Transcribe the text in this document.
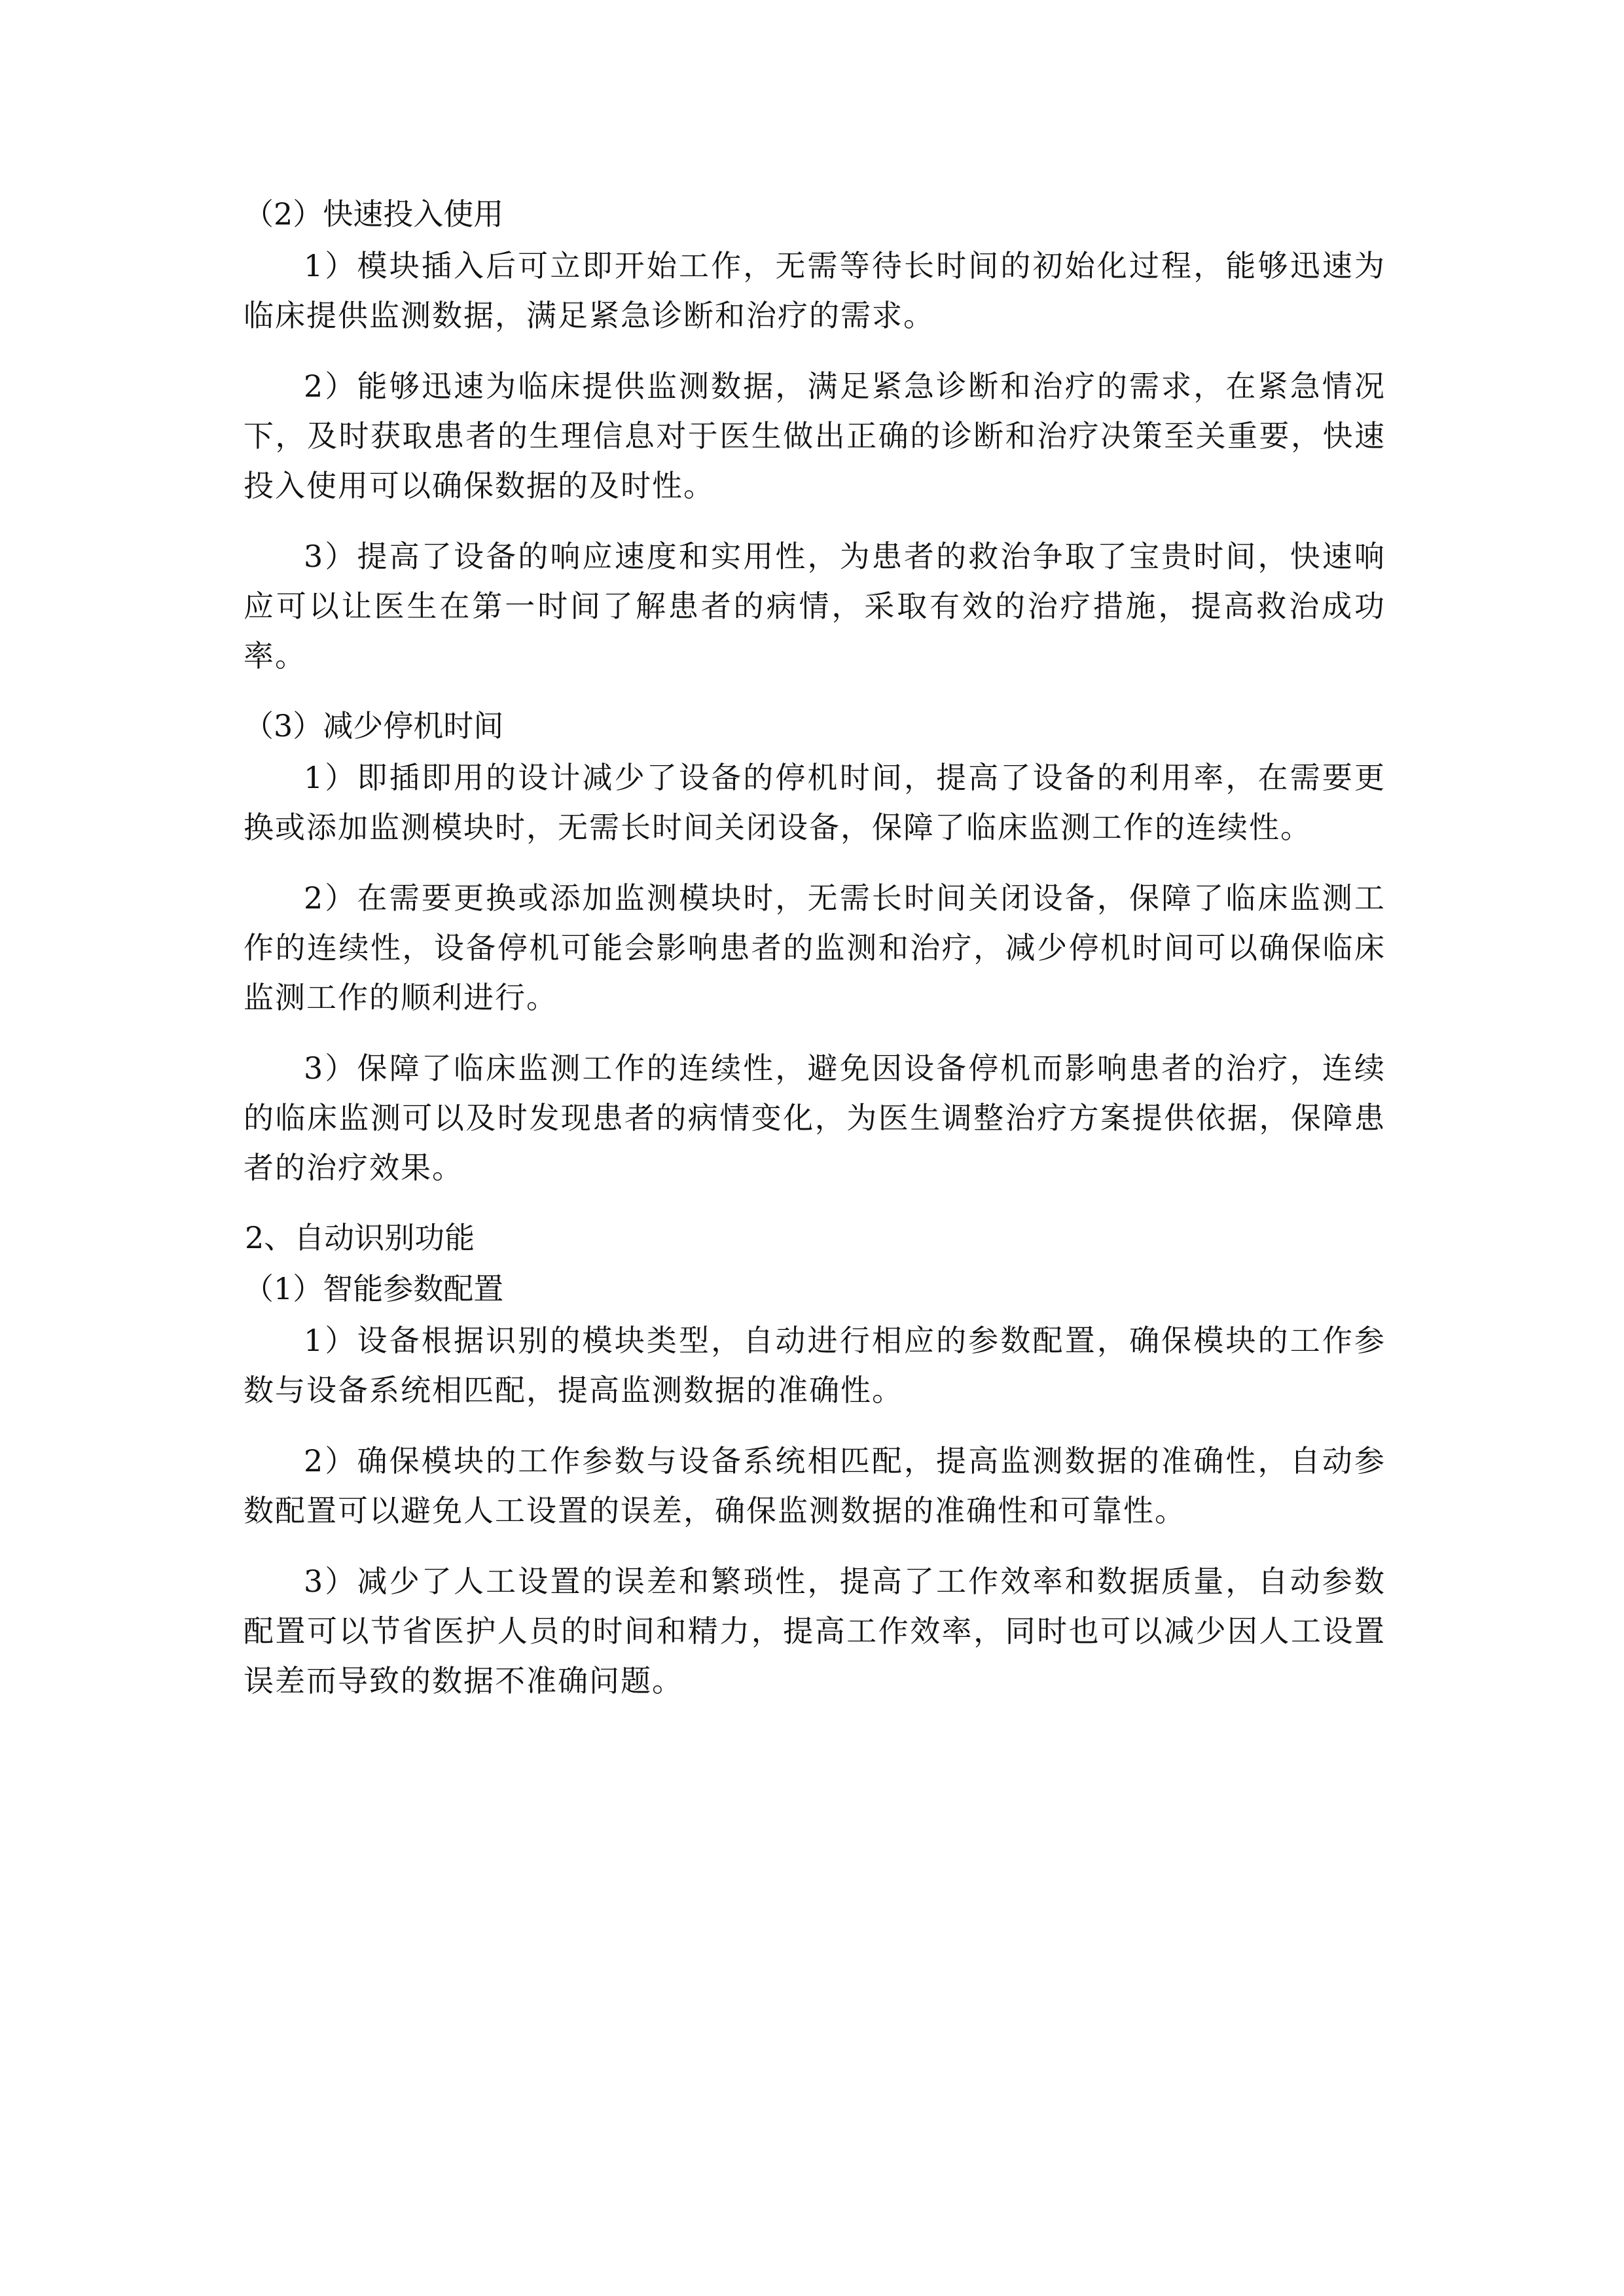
（2）快速投入使用

1）模块插入后可立即开始工作，无需等待长时间的初始化过程，能够迅速为临床提供监测数据，满足紧急诊断和治疗的需求。

2）能够迅速为临床提供监测数据，满足紧急诊断和治疗的需求，在紧急情况下，及时获取患者的生理信息对于医生做出正确的诊断和治疗决策至关重要，快速投入使用可以确保数据的及时性。

3）提高了设备的响应速度和实用性，为患者的救治争取了宝贵时间，快速响应可以让医生在第一时间了解患者的病情，采取有效的治疗措施，提高救治成功率。

（3）减少停机时间

1）即插即用的设计减少了设备的停机时间，提高了设备的利用率，在需要更换或添加监测模块时，无需长时间关闭设备，保障了临床监测工作的连续性。

2）在需要更换或添加监测模块时，无需长时间关闭设备，保障了临床监测工作的连续性，设备停机可能会影响患者的监测和治疗，减少停机时间可以确保临床监测工作的顺利进行。

3）保障了临床监测工作的连续性，避免因设备停机而影响患者的治疗，连续的临床监测可以及时发现患者的病情变化，为医生调整治疗方案提供依据，保障患者的治疗效果。

2、自动识别功能
（1）智能参数配置

1）设备根据识别的模块类型，自动进行相应的参数配置，确保模块的工作参数与设备系统相匹配，提高监测数据的准确性。

2）确保模块的工作参数与设备系统相匹配，提高监测数据的准确性，自动参数配置可以避免人工设置的误差，确保监测数据的准确性和可靠性。

3）减少了人工设置的误差和繁琐性，提高了工作效率和数据质量，自动参数配置可以节省医护人员的时间和精力，提高工作效率，同时也可以减少因人工设置误差而导致的数据不准确问题。
